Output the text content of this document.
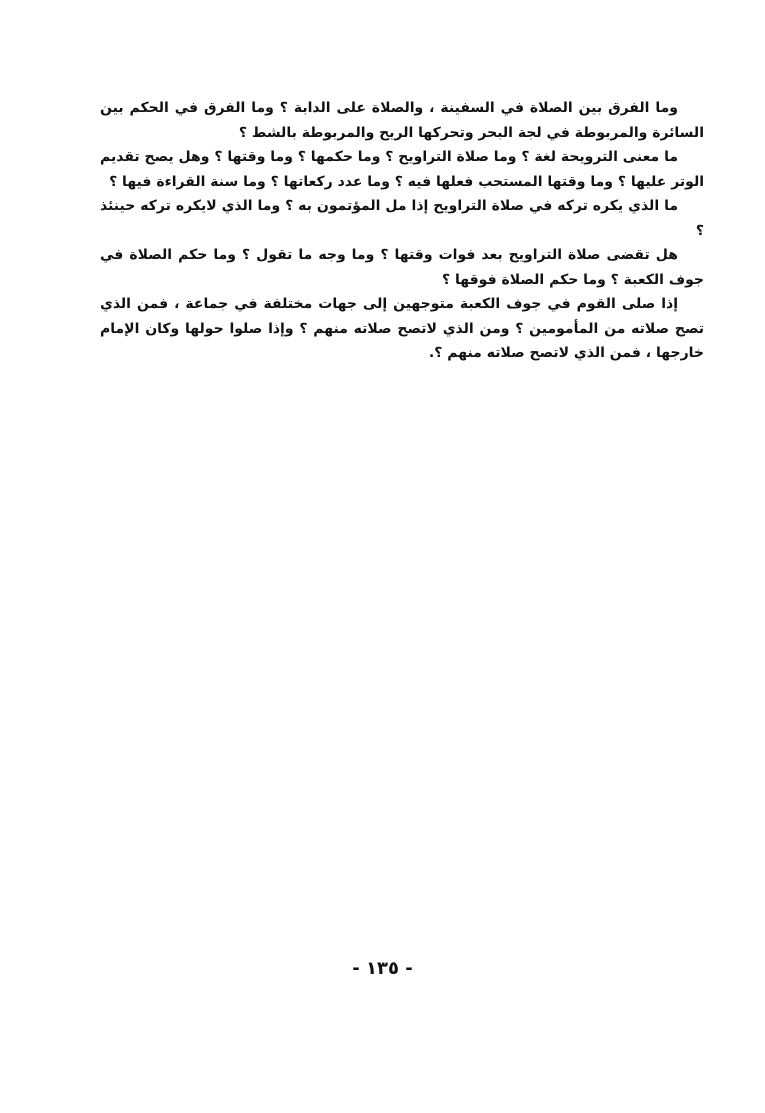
وما الفرق بين الصلاة في السفينة ، والصلاة على الدابة ؟ وما الفرق في الحكم بين السائرة والمربوطة في لجة البحر وتحركها الريح والمربوطة بالشط ؟

ما معنى الترويحة لغة ؟ وما صلاة التراويح ؟ وما حكمها ؟ وما وقتها ؟ وهل يصح تقديم الوتر عليها ؟ وما وقتها المستحب فعلها فيه ؟ وما عدد ركعاتها ؟ وما سنة القراءة فيها ؟

ما الذي يكره تركه في صلاة التراويح إذا مل المؤتمون به ؟ وما الذي لايكره تركه حينئذ ؟

هل تقضى صلاة التراويح بعد فوات وقتها ؟ وما وجه ما تقول ؟ وما حكم الصلاة في جوف الكعبة ؟ وما حكم الصلاة فوقها ؟

إذا صلى القوم في جوف الكعبة متوجهين إلى جهات مختلفة في جماعة ، فمن الذي تصح صلاته من المأمومين ؟ ومن الذي لاتصح صلاته منهم ؟ وإذا صلوا حولها وكان الإمام خارجها ، فمن الذي لاتصح صلاته منهم ؟.

- ١٣٥ -
